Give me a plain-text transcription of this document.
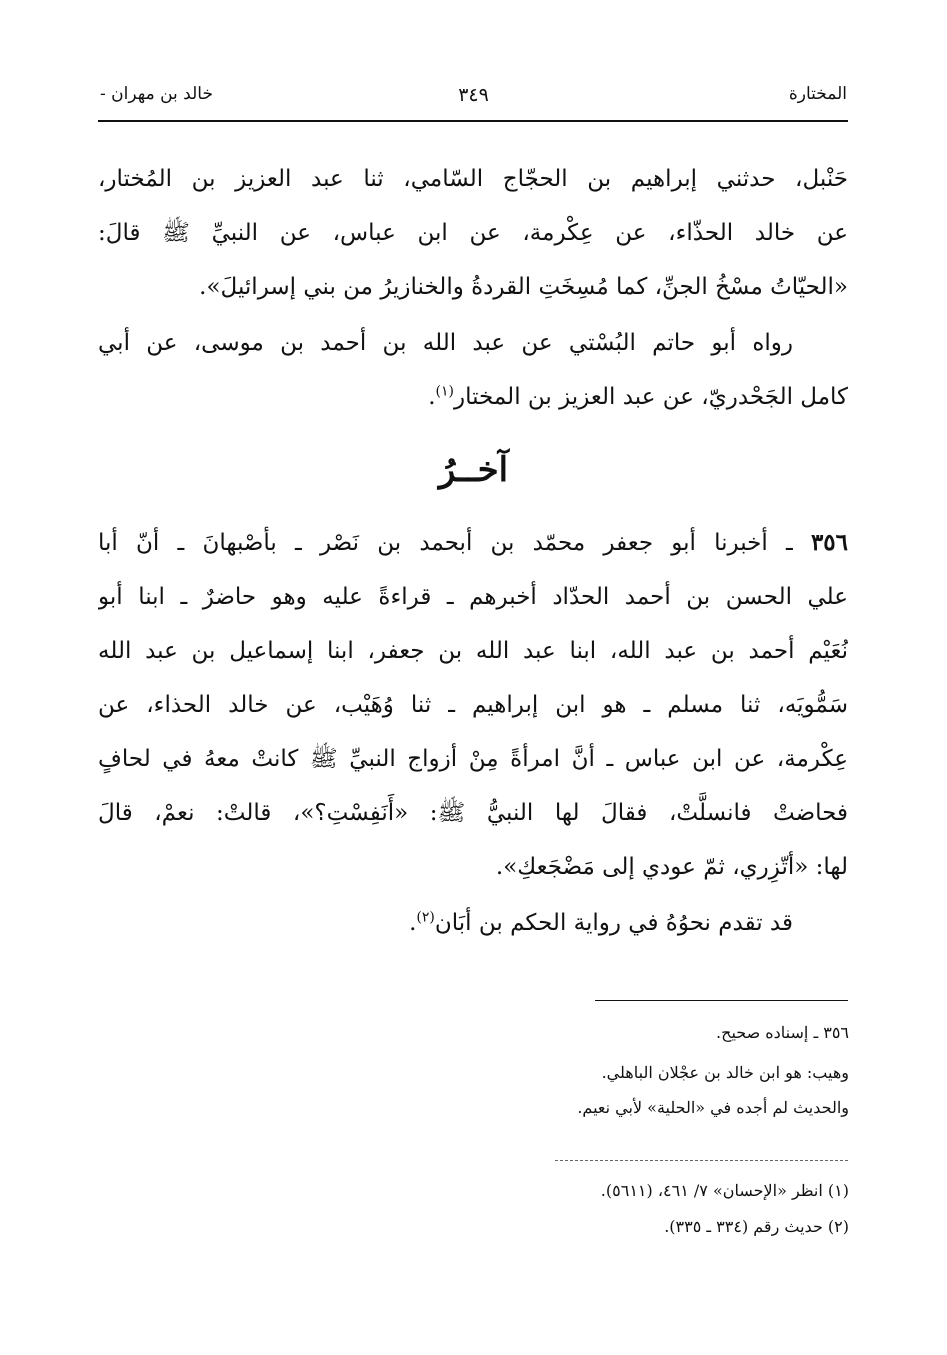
المختارة
٣٤٩
خالد بن مهران -
حَنْبل، حدثني إبراهيم بن الحجّاج السّامي، ثنا عبد العزيز بن المُختار،
عن خالد الحذّاء، عن عِكْرمة، عن ابن عباس، عن النبيِّ ﷺ قالَ:
«الحيّاتُ مسْخُ الجنِّ، كما مُسِخَتِ القردةُ والخنازيرُ من بني إسرائيلَ».
رواه أبو حاتم البُسْتي عن عبد الله بن أحمد بن موسى، عن أبي
كامل الجَحْدريّ، عن عبد العزيز بن المختار$^{(١)}$.
آخــرُ
٣٥٦ ـ أخبرنا أبو جعفر محمّد بن أبحمد بن نَصْر ـ بأصْبهانَ ـ أنّ أبا
علي الحسن بن أحمد الحدّاد أخبرهم ـ قراءةً عليه وهو حاضرٌ ـ ابنا أبو
نُعَيْم أحمد بن عبد الله، ابنا عبد الله بن جعفر، ابنا إسماعيل بن عبد الله
سَمُّويَه، ثنا مسلم ـ هو ابن إبراهيم ـ ثنا وُهَيْب، عن خالد الحذاء، عن
عِكْرمة، عن ابن عباس ـ أنَّ امرأةً مِنْ أزواج النبيِّ ﷺ كانتْ معهُ في لحافٍ
فحاضتْ فانسلَّتْ، فقالَ لها النبيُّ ﷺ: «أَنَفِسْتِ؟»، قالتْ: نعمْ، قالَ
لها: «أتّزِري، ثمّ عودي إلى مَضْجَعكِ».
قد تقدم نحوُهُ في رواية الحكم بن أبَان$^{(٢)}$.
٣٥٦ ـ إسناده صحيح.
وهيب: هو ابن خالد بن عجْلان الباهلي.
والحديث لم أجده في «الحلية» لأبي نعيم.
(١) انظر «الإحسان» ٧/ ٤٦١، (٥٦١١).
(٢) حديث رقم (٣٣٤ ـ ٣٣٥).
